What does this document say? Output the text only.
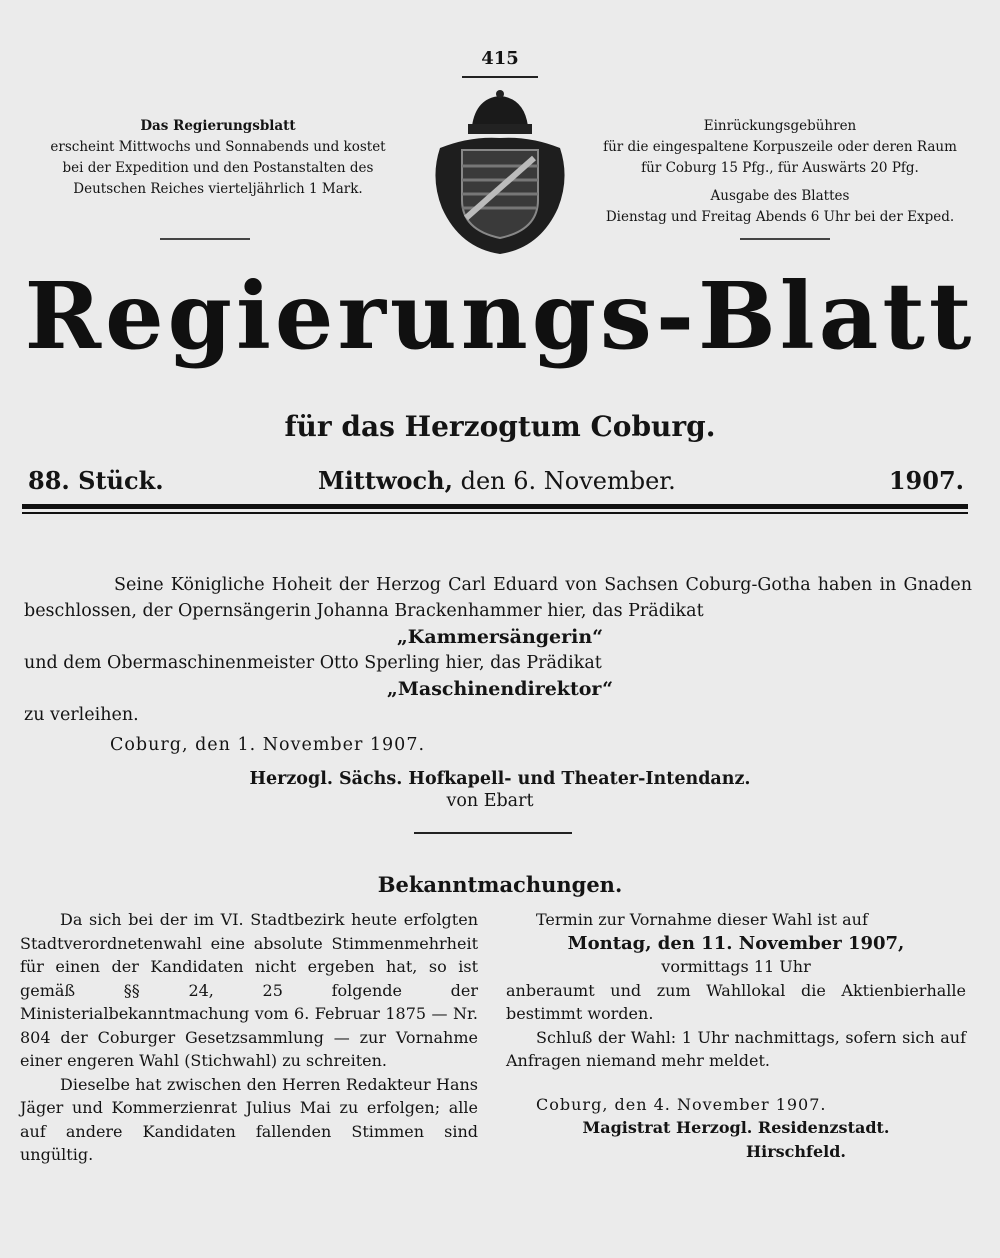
415
Das Regierungsblatt
erscheint Mittwochs und Sonnabends und kostet
bei der Expedition und den Postanstalten des
Deutschen Reiches vierteljährlich 1 Mark.
Einrückungsgebühren
für die eingespaltene Korpuszeile oder deren Raum
für Coburg 15 Pfg., für Auswärts 20 Pfg.
Ausgabe des Blattes
Dienstag und Freitag Abends 6 Uhr bei der Exped.
Regierungs-Blatt
für das Herzogtum Coburg.
88. Stück.	Mittwoch, den 6. November.	1907.
Seine Königliche Hoheit der Herzog Carl Eduard von Sachsen Coburg-Gotha haben in Gnaden beschlossen, der Opernsängerin Johanna Brackenhammer hier, das Prädikat
„Kammersängerin“
und dem Obermaschinenmeister Otto Sperling hier, das Prädikat
„Maschinendirektor“
zu verleihen.
Coburg, den 1. November 1907.
Herzogl. Sächs. Hofkapell- und Theater-Intendanz.
von Ebart
Bekanntmachungen.

Da sich bei der im VI. Stadtbezirk heute erfolgten Stadtverordnetenwahl eine absolute Stimmenmehrheit für einen der Kandidaten nicht ergeben hat, so ist gemäß §§ 24, 25 folgende der Ministerialbekanntmachung vom 6. Februar 1875 — Nr. 804 der Coburger Gesetzsammlung — zur Vornahme einer engeren Wahl (Stichwahl) zu schreiten.

Dieselbe hat zwischen den Herren Redakteur Hans Jäger und Kommerzienrat Julius Mai zu erfolgen; alle auf andere Kandidaten fallenden Stimmen sind ungültig.

Termin zur Vornahme dieser Wahl ist auf

Montag, den 11. November 1907,

vormittags 11 Uhr

anberaumt und zum Wahllokal die Aktienbierhalle bestimmt worden.

Schluß der Wahl: 1 Uhr nachmittags, sofern sich auf Anfragen niemand mehr meldet.

Coburg, den 4. November 1907.

Magistrat Herzogl. Residenzstadt.

Hirschfeld.
